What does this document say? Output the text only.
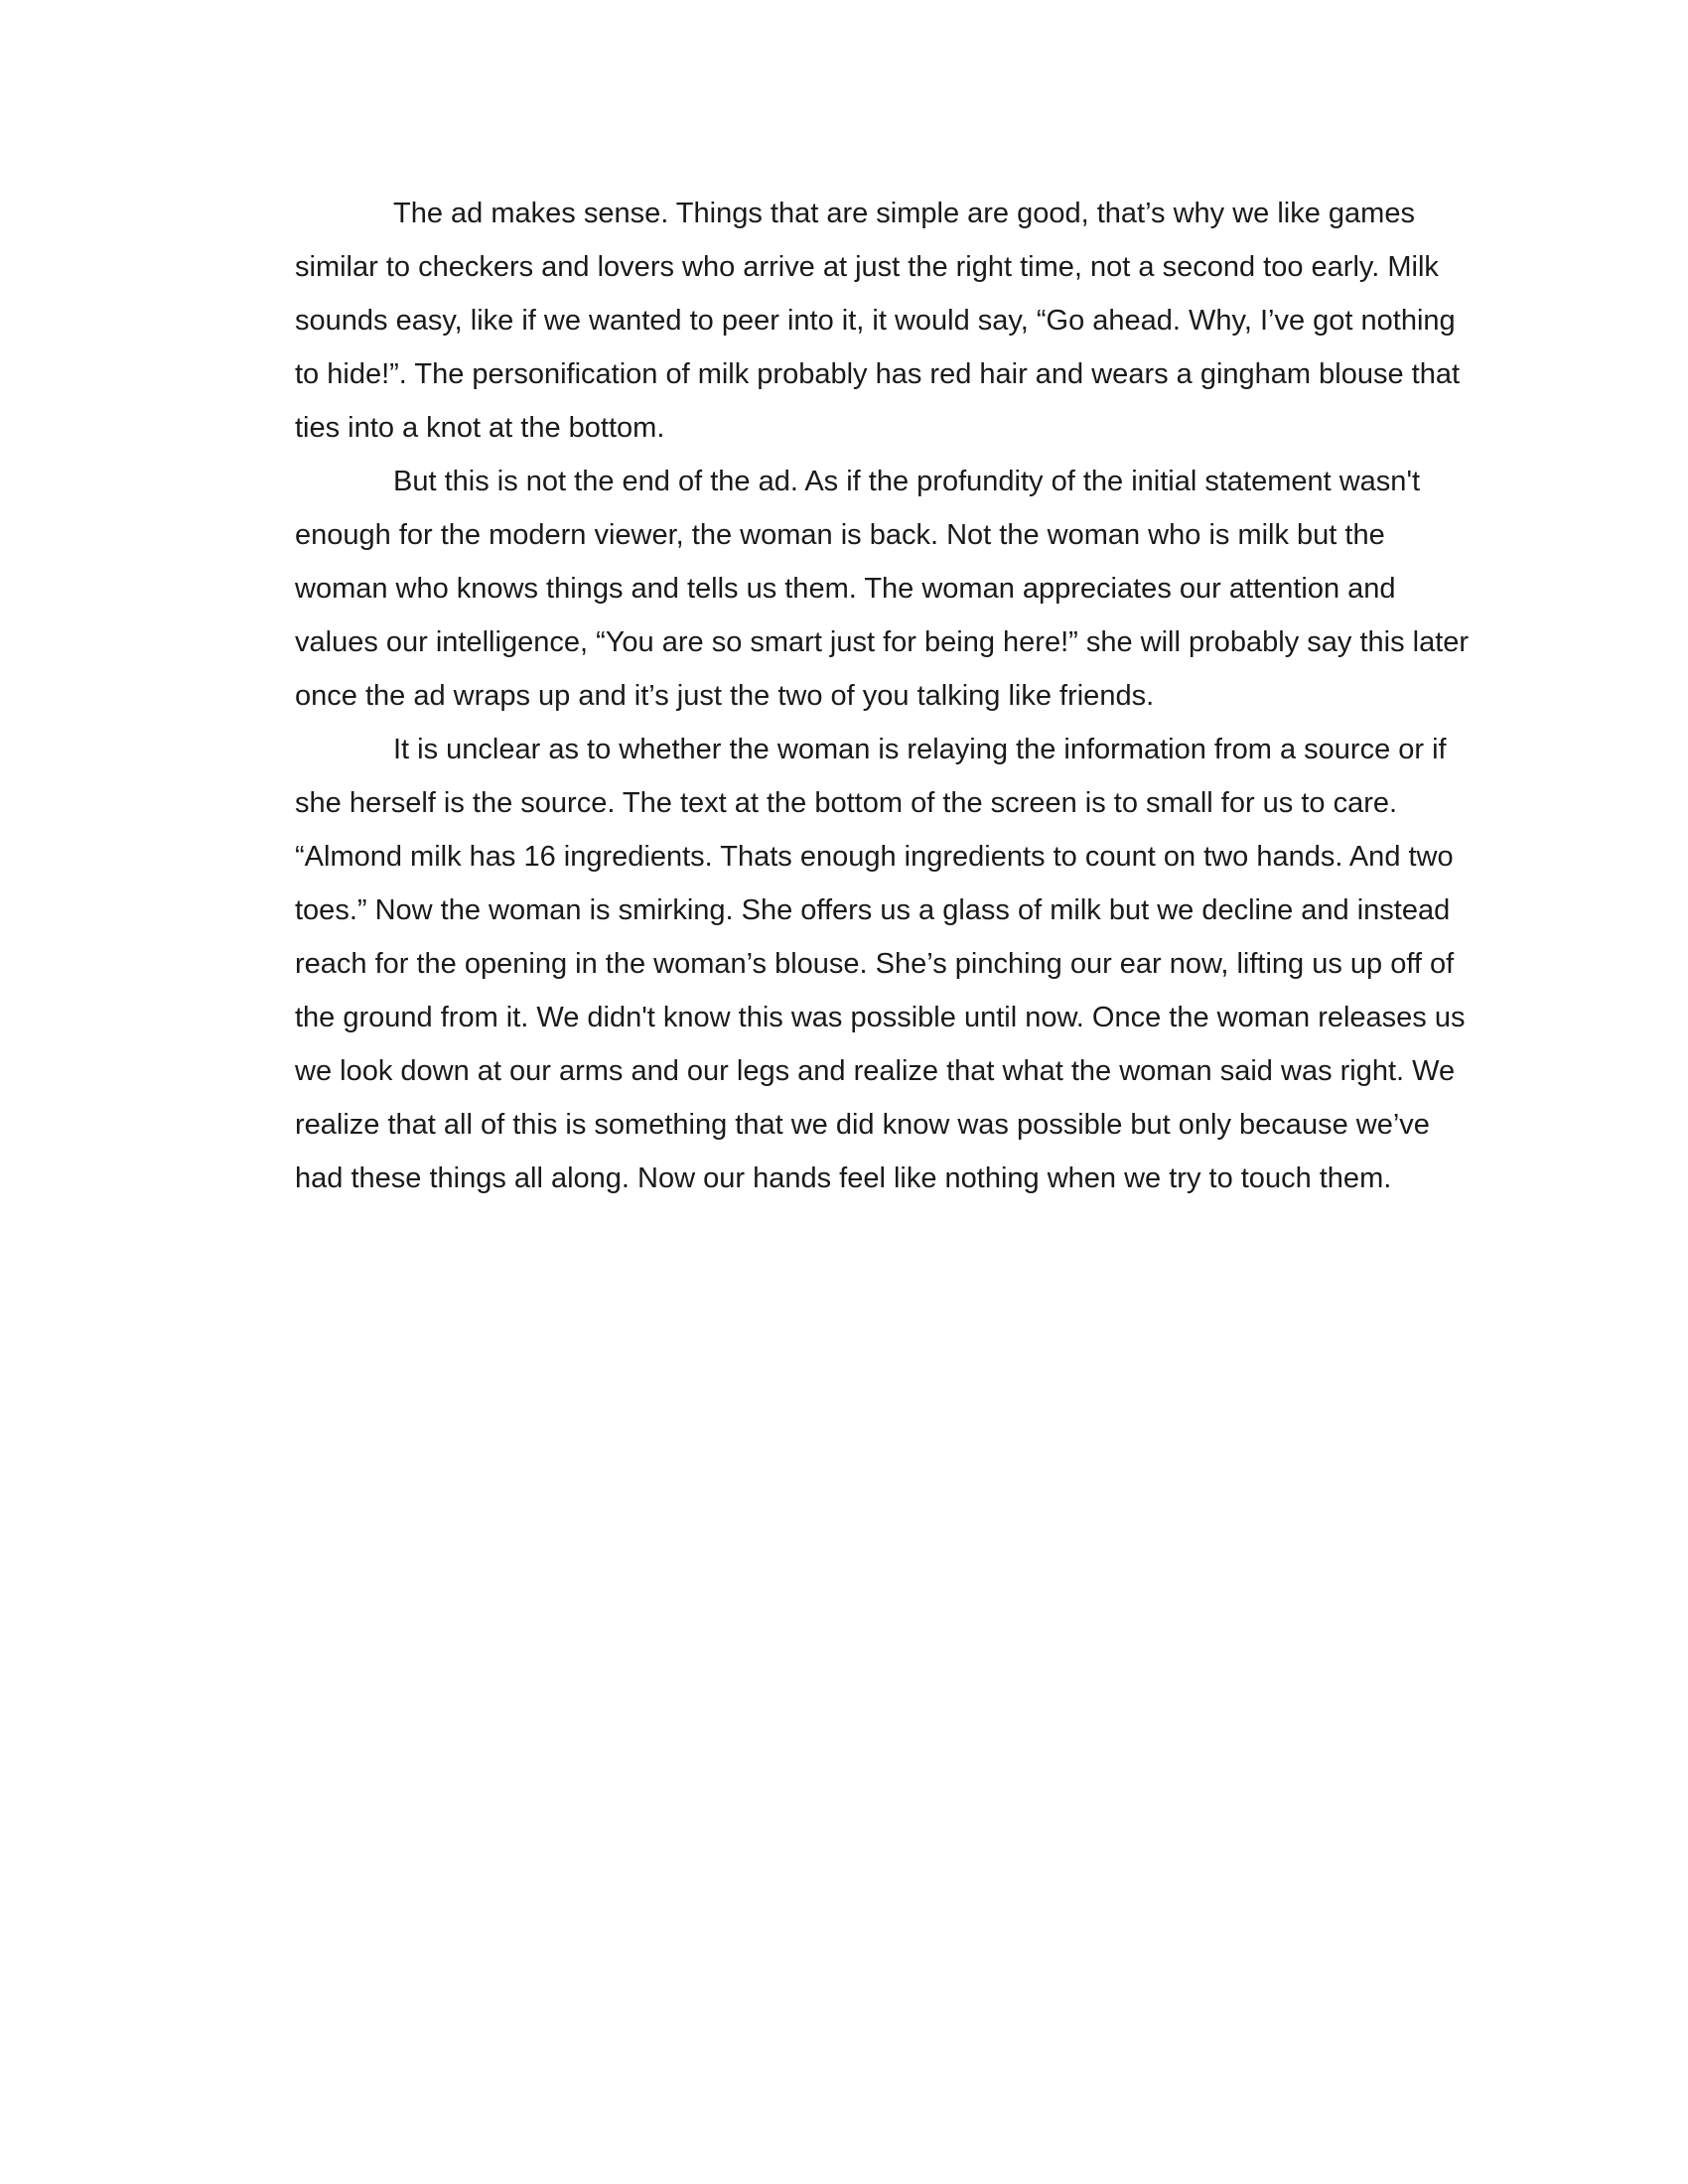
The ad makes sense. Things that are simple are good, that’s why we like games similar to checkers and lovers who arrive at just the right time, not a second too early. Milk sounds easy, like if we wanted to peer into it, it would say, “Go ahead. Why, I’ve got nothing to hide!”. The personification of milk probably has red hair and wears a gingham blouse that ties into a knot at the bottom.

But this is not the end of the ad. As if the profundity of the initial statement wasn't enough for the modern viewer, the woman is back. Not the woman who is milk but the woman who knows things and tells us them. The woman appreciates our attention and values our intelligence, “You are so smart just for being here!” she will probably say this later once the ad wraps up and it’s just the two of you talking like friends.

It is unclear as to whether the woman is relaying the information from a source or if she herself is the source. The text at the bottom of the screen is to small for us to care. “Almond milk has 16 ingredients. Thats enough ingredients to count on two hands. And two toes.” Now the woman is smirking. She offers us a glass of milk but we decline and instead reach for the opening in the woman’s blouse. She’s pinching our ear now, lifting us up off of the ground from it. We didn't know this was possible until now. Once the woman releases us we look down at our arms and our legs and realize that what the woman said was right. We realize that all of this is something that we did know was possible but only because we’ve had these things all along. Now our hands feel like nothing when we try to touch them.
